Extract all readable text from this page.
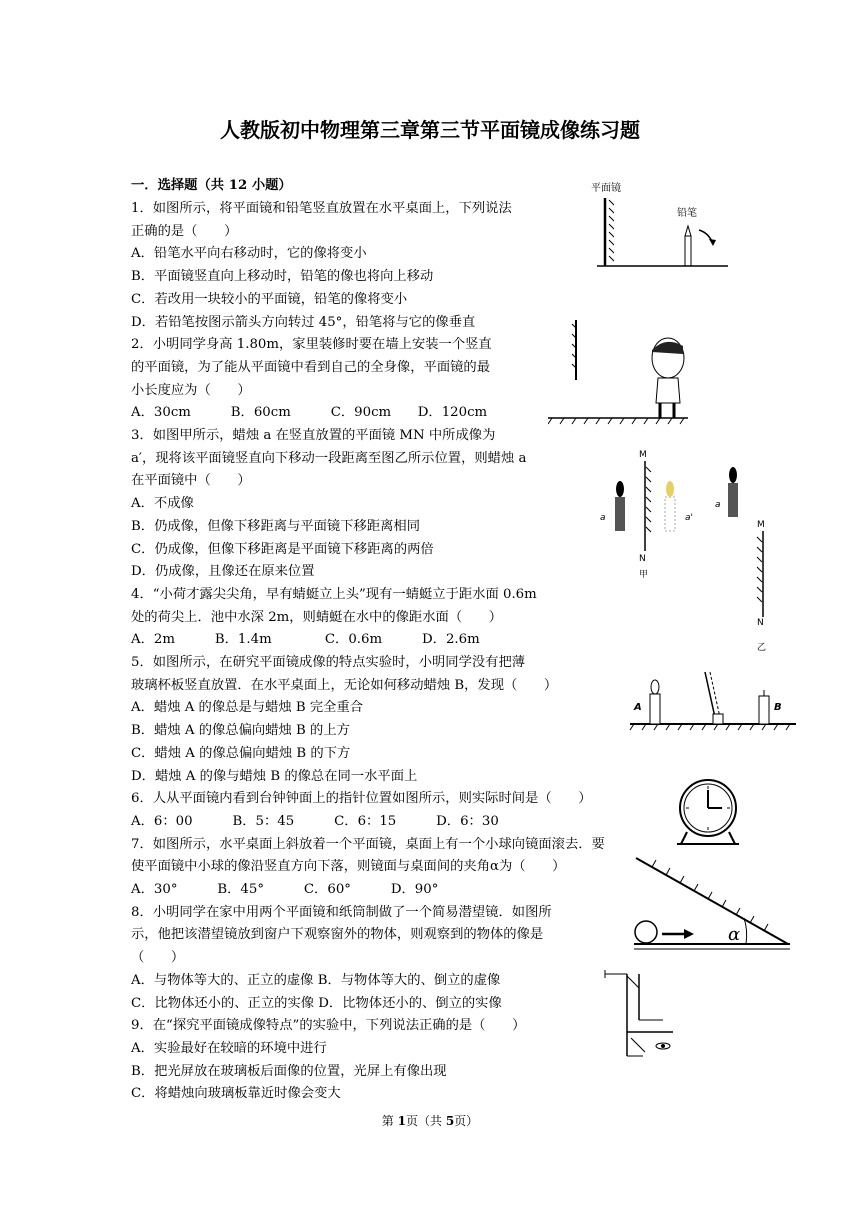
人教版初中物理第三章第三节平面镜成像练习题
一．选择题（共 12 小题）
1．如图所示，将平面镜和铅笔竖直放置在水平桌面上，下列说法
正确的是（　　）
A．铅笔水平向右移动时，它的像将变小
B．平面镜竖直向上移动时，铅笔的像也将向上移动
C．若改用一块较小的平面镜，铅笔的像将变小
D．若铅笔按图示箭头方向转过 45°，铅笔将与它的像垂直
2．小明同学身高 1.80m，家里装修时要在墙上安装一个竖直
的平面镜，为了能从平面镜中看到自己的全身像，平面镜的最
小长度应为（　　）
A．30cm　　　B．60cm　　　C．90cm　　D．120cm
3．如图甲所示，蜡烛 a 在竖直放置的平面镜 MN 中所成像为
a′，现将该平面镜竖直向下移动一段距离至图乙所示位置，则蜡烛 a
在平面镜中（　　）
A．不成像
B．仍成像，但像下移距离与平面镜下移距离相同
C．仍成像，但像下移距离是平面镜下移距离的两倍
D．仍成像，且像还在原来位置
4．“小荷才露尖尖角，早有蜻蜓立上头”现有一蜻蜓立于距水面 0.6m
处的荷尖上．池中水深 2m，则蜻蜓在水中的像距水面（　　）
A．2m　　　B．1.4m　　　　C．0.6m　　　D．2.6m
5．如图所示，在研究平面镜成像的特点实验时，小明同学没有把薄
玻璃杯板竖直放置．在水平桌面上，无论如何移动蜡烛 B，发现（　　）
A．蜡烛 A 的像总是与蜡烛 B 完全重合
B．蜡烛 A 的像总偏向蜡烛 B 的上方
C．蜡烛 A 的像总偏向蜡烛 B 的下方
D．蜡烛 A 的像与蜡烛 B 的像总在同一水平面上
6．人从平面镜内看到台钟钟面上的指针位置如图所示，则实际时间是（　　）
A．6：00　　　B．5：45　　　C．6：15　　　D．6：30
7．如图所示，水平桌面上斜放着一个平面镜，桌面上有一个小球向镜面滚去．要
使平面镜中小球的像沿竖直方向下落，则镜面与桌面间的夹角α为（　　）
A．30°　　　B．45°　　　C．60°　　　D．90°
8．小明同学在家中用两个平面镜和纸筒制做了一个简易潜望镜．如图所
示，他把该潜望镜放到窗户下观察窗外的物体，则观察到的物体的像是
（　　）
A．与物体等大的、正立的虚像 B．与物体等大的、倒立的虚像
C．比物体还小的、正立的实像 D．比物体还小的、倒立的实像
9．在“探究平面镜成像特点”的实验中，下列说法正确的是（　　）
A．实验最好在较暗的环境中进行
B．把光屏放在玻璃板后面像的位置，光屏上有像出现
C．将蜡烛向玻璃板靠近时像会变大
平面镜
铅笔
M
N
a	a'
a
M
N
甲
乙
A	B
α
第 1页（共 5页）
